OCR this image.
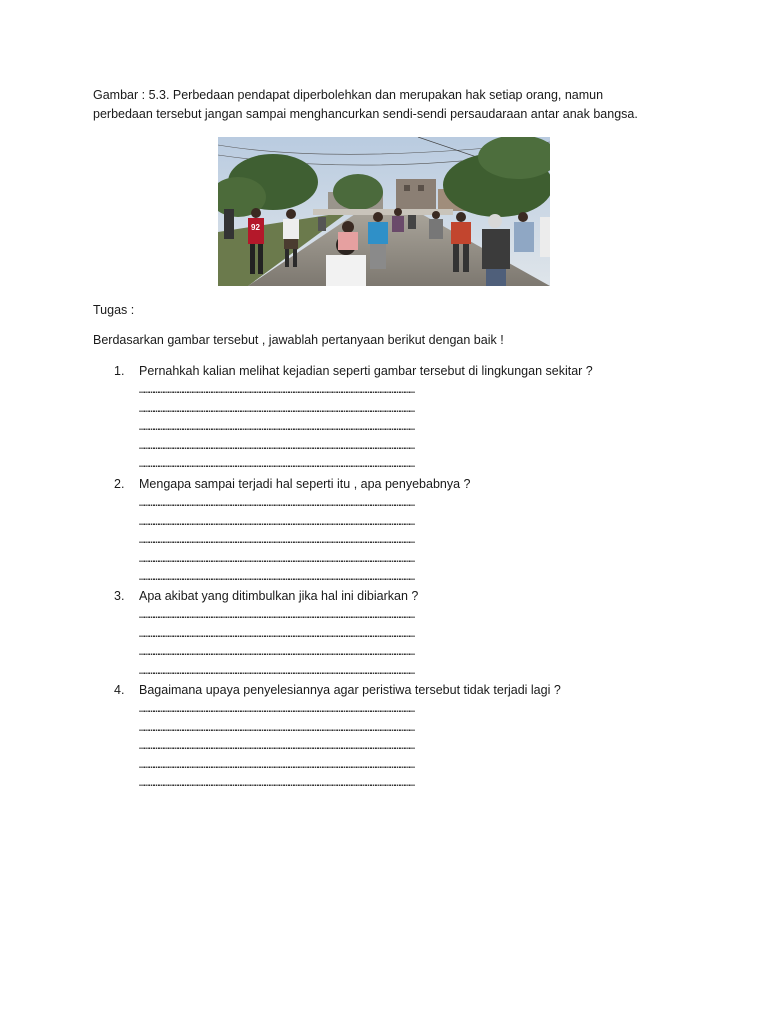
Gambar : 5.3. Perbedaan pendapat diperbolehkan dan merupakan hak setiap orang, namun

perbedaan tersebut jangan sampai menghancurkan sendi-sendi persaudaraan antar anak bangsa.

92

Tugas :

Berdasarkan gambar tersebut , jawablah pertanyaan berikut dengan baik !

1.	Pernahkah kalian melihat kejadian seperti gambar tersebut di lingkungan sekitar ?
………………………………………………………………………………………………………………………………………………………
………………………………………………………………………………………………………………………………………………………
………………………………………………………………………………………………………………………………………………………
………………………………………………………………………………………………………………………………………………………
………………………………………………………………………………………………………………………………………………………
2.	Mengapa sampai terjadi hal seperti itu , apa penyebabnya ?
………………………………………………………………………………………………………………………………………………………
………………………………………………………………………………………………………………………………………………………
………………………………………………………………………………………………………………………………………………………
………………………………………………………………………………………………………………………………………………………
………………………………………………………………………………………………………………………………………………………
3.	Apa akibat yang ditimbulkan jika hal ini dibiarkan ?
………………………………………………………………………………………………………………………………………………………
………………………………………………………………………………………………………………………………………………………
………………………………………………………………………………………………………………………………………………………
………………………………………………………………………………………………………………………………………………………
4.	Bagaimana upaya penyelesiannya agar peristiwa tersebut tidak terjadi lagi ?
………………………………………………………………………………………………………………………………………………………
………………………………………………………………………………………………………………………………………………………
………………………………………………………………………………………………………………………………………………………
………………………………………………………………………………………………………………………………………………………
………………………………………………………………………………………………………………………………………………………
